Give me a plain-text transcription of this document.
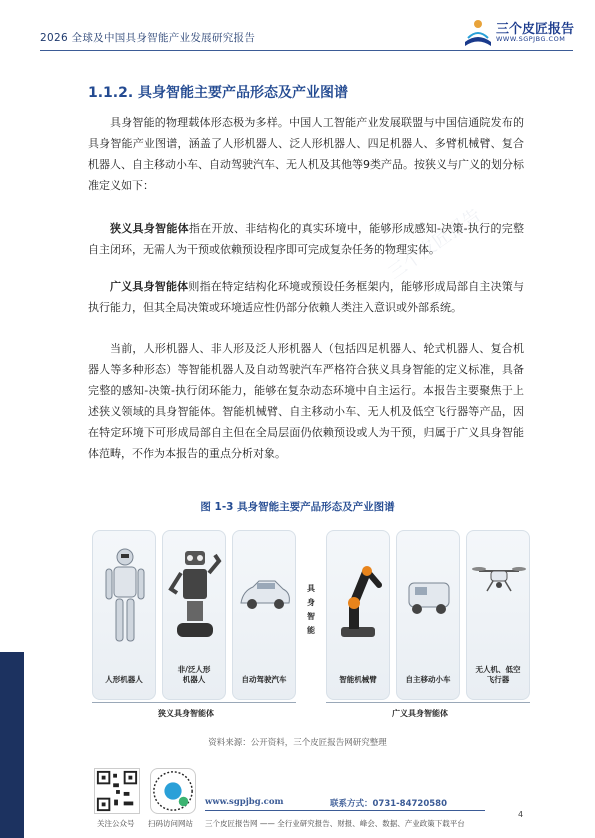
2026 全球及中国具身智能产业发展研究报告
三个皮匠报告
WWW.SGPJBG.COM
三个皮匠报告
1.1.2. 具身智能主要产品形态及产业图谱
具身智能的物理载体形态极为多样。中国人工智能产业发展联盟与中国信通院发布的具身智能产业图谱，涵盖了人形机器人、泛人形机器人、四足机器人、多臂机械臂、复合机器人、自主移动小车、自动驾驶汽车、无人机及其他等9类产品。按狭义与广义的划分标准定义如下：
狭义具身智能体指在开放、非结构化的真实环境中，能够形成感知-决策-执行的完整自主闭环，无需人为干预或依赖预设程序即可完成复杂任务的物理实体。
广义具身智能体则指在特定结构化环境或预设任务框架内，能够形成局部自主决策与执行能力，但其全局决策或环境适应性仍部分依赖人类注入意识或外部系统。
当前，人形机器人、非人形及泛人形机器人（包括四足机器人、轮式机器人、复合机器人等多种形态）等智能机器人及自动驾驶汽车严格符合狭义具身智能的定义标准，具备完整的感知-决策-执行闭环能力，能够在复杂动态环境中自主运行。本报告主要聚焦于上述狭义领域的具身智能体。智能机械臂、自主移动小车、无人机及低空飞行器等产品，因在特定环境下可形成局部自主但在全局层面仍依赖预设或人为干预，归属于广义具身智能体范畴，不作为本报告的重点分析对象。
图 1-3 具身智能主要产品形态及产业图谱
人形机器人
非/泛人形
机器人	自动驾驶汽车
具身智能
智能机械臂	自主移动小车
无人机、低空
飞行器
狭义具身智能体	广义具身智能体
资料来源：公开资料，三个皮匠报告网研究整理
关注公众号 扫码访问网站
www.sgpjbg.com	联系方式：0731-84720580
三个皮匠报告网 —— 全行业研究报告、财报、峰会、数据、产业政策下载平台
4
